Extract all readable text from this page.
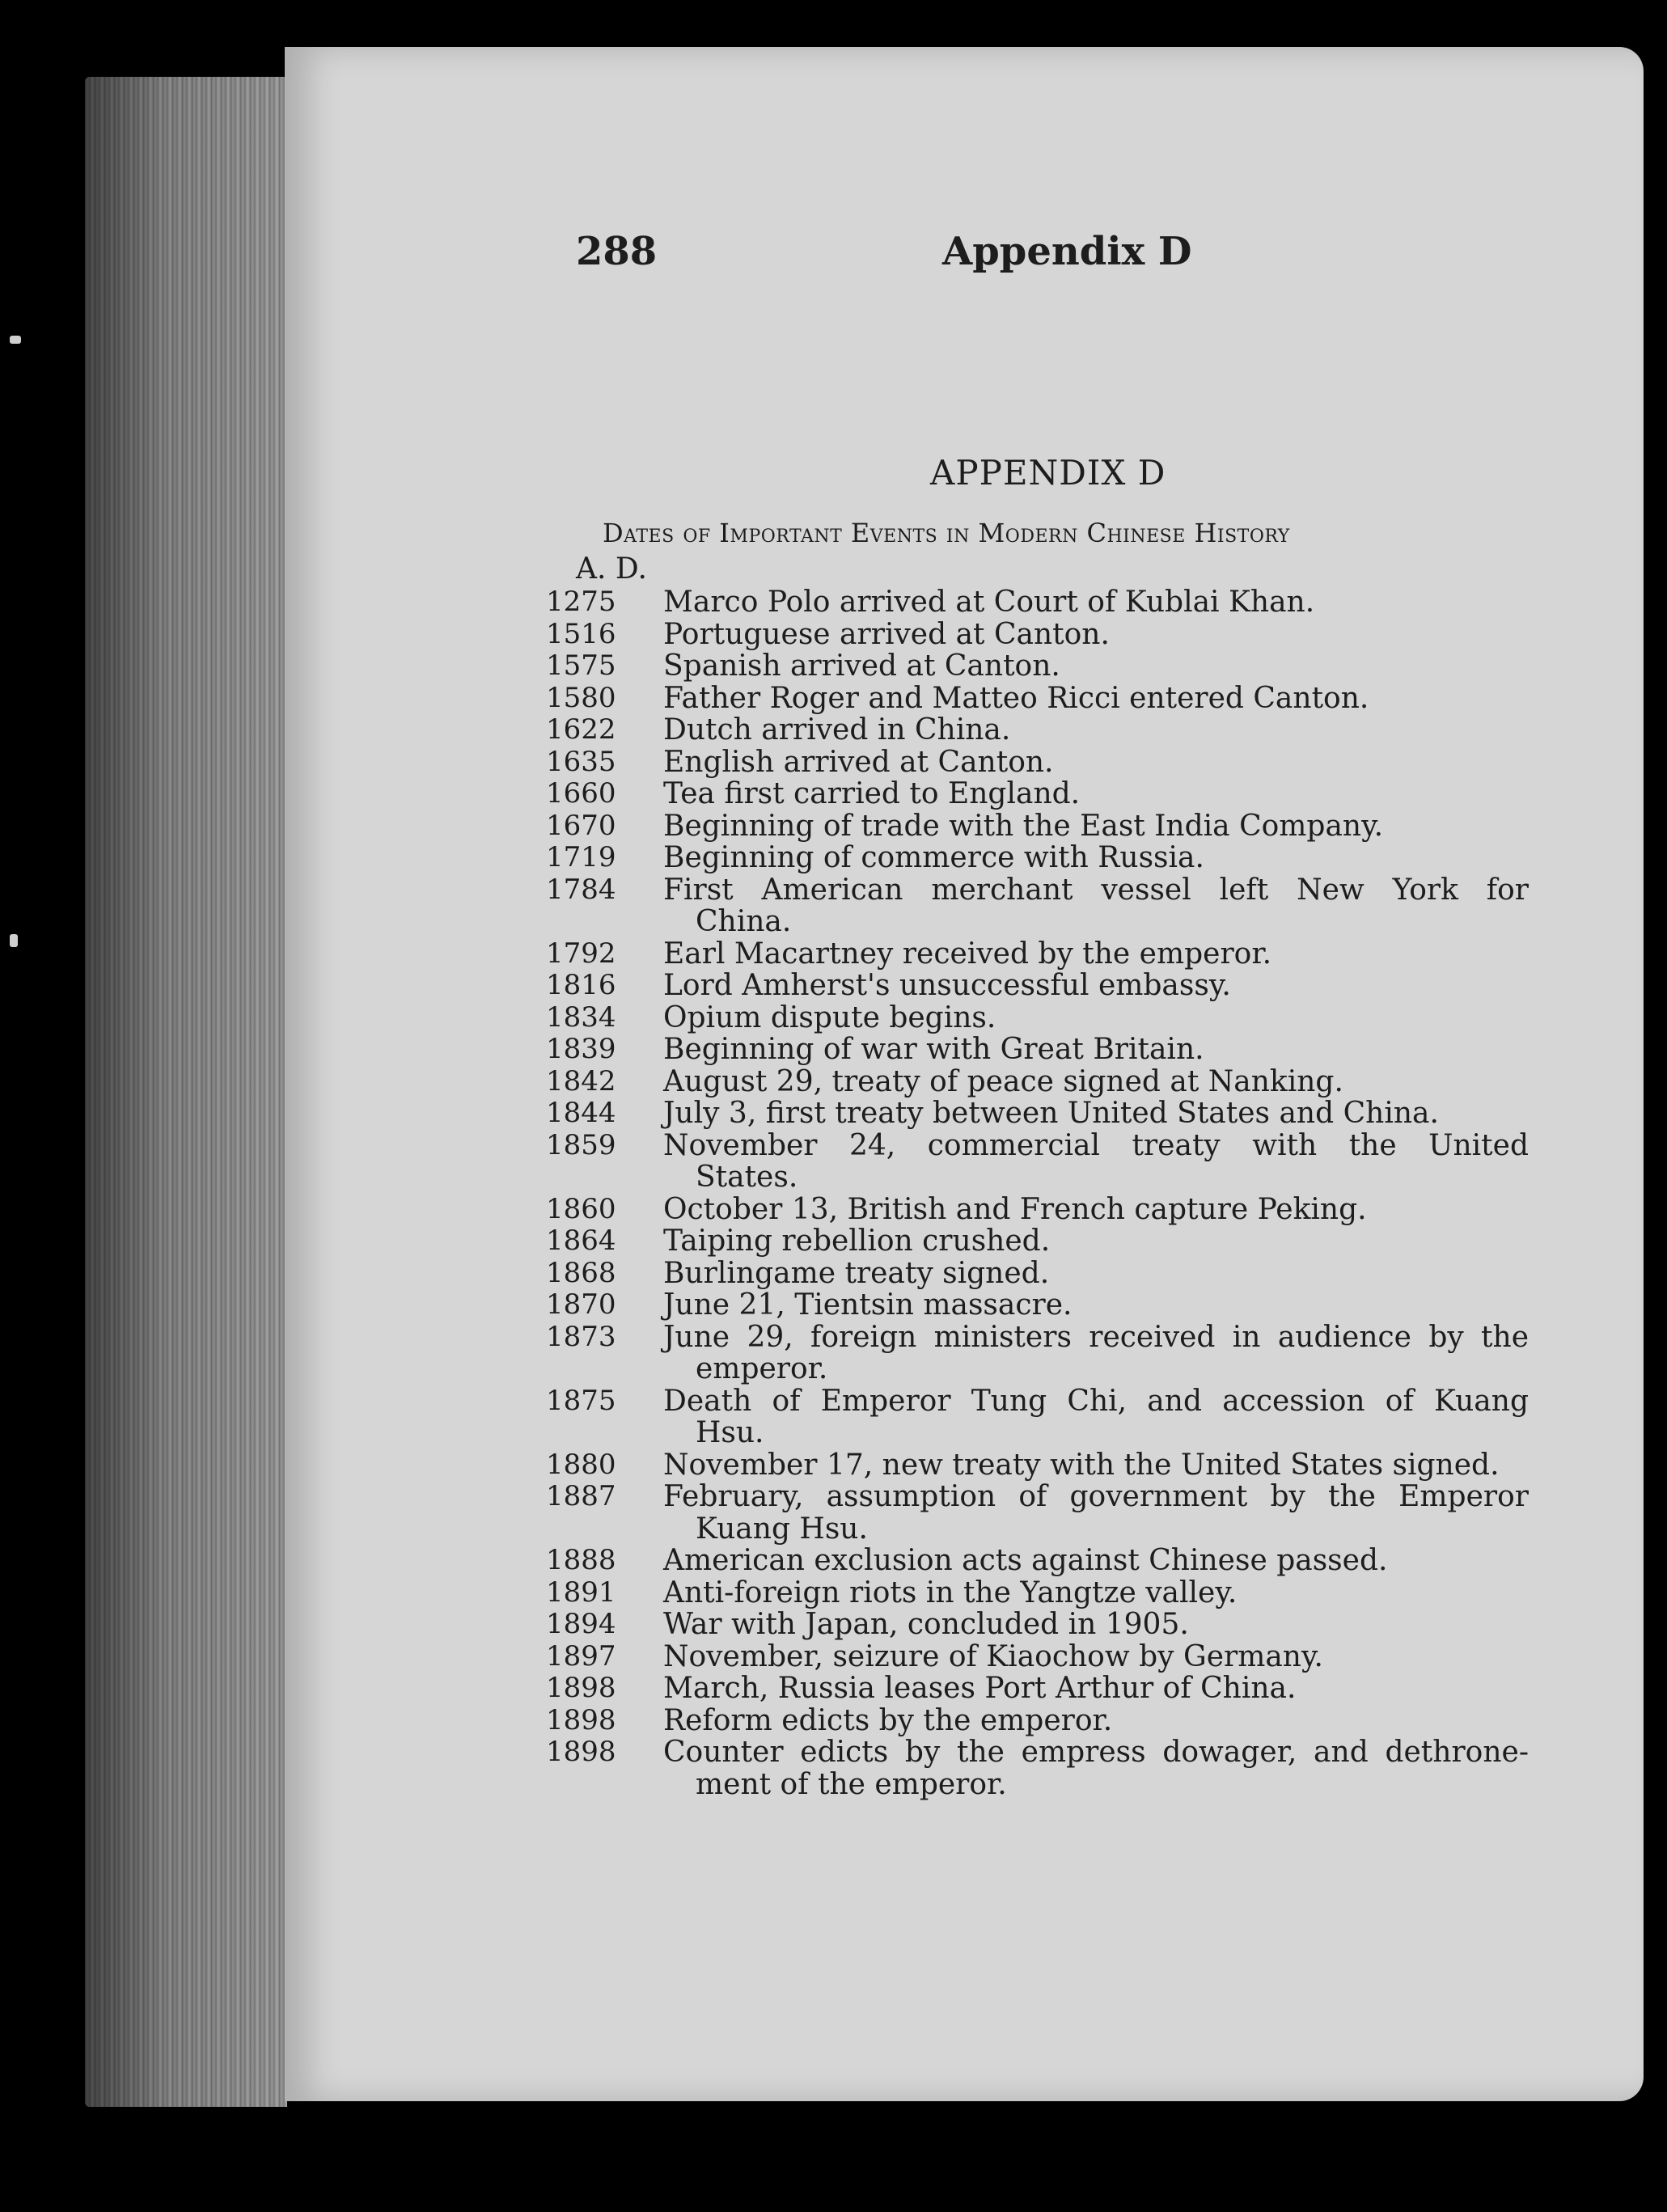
288	Appendix D
APPENDIX D
Dates of Important Events in Modern Chinese History
A. D.
1275	Marco Polo arrived at Court of Kublai Khan.
1516	Portuguese arrived at Canton.
1575	Spanish arrived at Canton.
1580	Father Roger and Matteo Ricci entered Canton.
1622	Dutch arrived in China.
1635	English arrived at Canton.
1660	Tea first carried to England.
1670	Beginning of trade with the East India Company.
1719	Beginning of commerce with Russia.
1784	First American merchant vessel left New York for
China.
1792	Earl Macartney received by the emperor.
1816	Lord Amherst's unsuccessful embassy.
1834	Opium dispute begins.
1839	Beginning of war with Great Britain.
1842	August 29, treaty of peace signed at Nanking.
1844	July 3, first treaty between United States and China.
1859	November 24, commercial treaty with the United
States.
1860	October 13, British and French capture Peking.
1864	Taiping rebellion crushed.
1868	Burlingame treaty signed.
1870	June 21, Tientsin massacre.
1873	June 29, foreign ministers received in audience by the
emperor.
1875	Death of Emperor Tung Chi, and accession of Kuang
Hsu.
1880	November 17, new treaty with the United States signed.
1887	February, assumption of government by the Emperor
Kuang Hsu.
1888	American exclusion acts against Chinese passed.
1891	Anti-foreign riots in the Yangtze valley.
1894	War with Japan, concluded in 1905.
1897	November, seizure of Kiaochow by Germany.
1898	March, Russia leases Port Arthur of China.
1898	Reform edicts by the emperor.
1898	Counter edicts by the empress dowager, and dethrone-
ment of the emperor.
